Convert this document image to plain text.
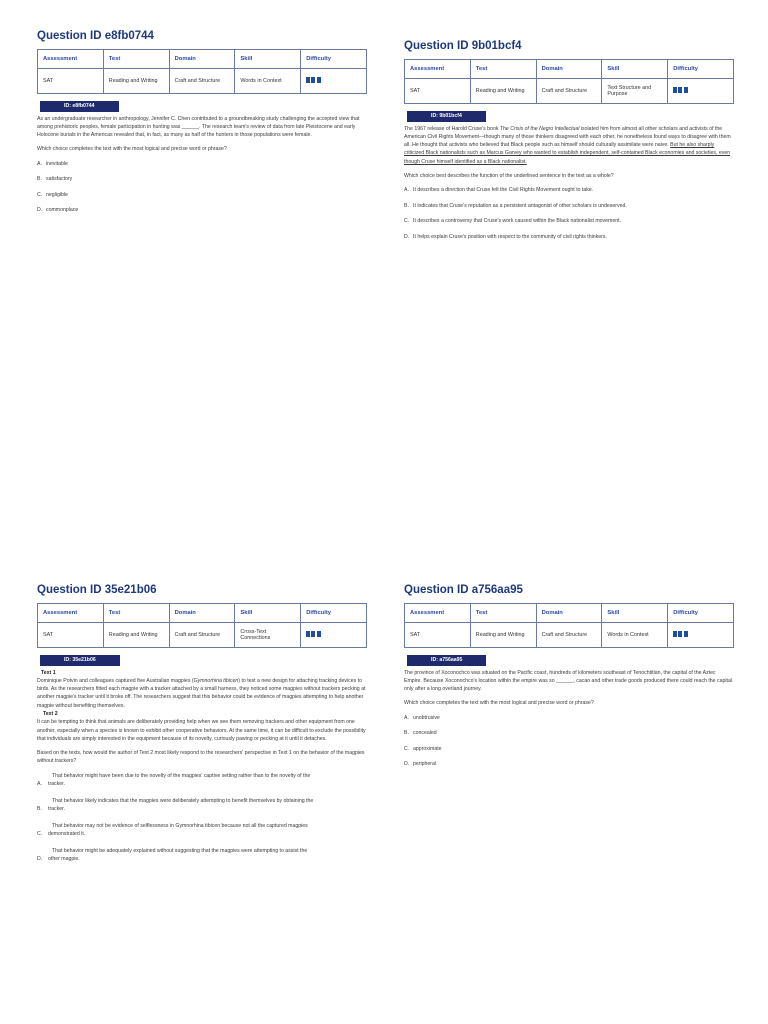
Question ID e8fb0744
Assessment	Test	Domain	Skill	Difficulty
SAT	Reading and Writing	Craft and Structure	Words in Context	
ID: e8fb0744

As an undergraduate researcher in anthropology, Jennifer C. Chen contributed to a groundbreaking study challenging the accepted view that among prehistoric peoples, female participation in hunting was ______. The research team's review of data from late Pleistocene and early Holocene burials in the Americas revealed that, in fact, as many as half of the hunters in those populations were female.

Which choice completes the text with the most logical and precise word or phrase?

A. inevitable
B. satisfactory
C. negligible
D. commonplace
Question ID 9b01bcf4
Assessment	Test	Domain	Skill	Difficulty
SAT	Reading and Writing	Craft and Structure	Text Structure and Purpose	
ID: 9b01bcf4

The 1967 release of Harold Cruse's book The Crisis of the Negro Intellectual isolated him from almost all other scholars and activists of the American Civil Rights Movement—though many of those thinkers disagreed with each other, he nonetheless found ways to disagree with them all. He thought that activists who believed that Black people such as himself should culturally assimilate were naive. But he also sharply criticized Black nationalists such as Marcus Garvey who wanted to establish independent, self-contained Black economies and societies, even though Cruse himself identified as a Black nationalist.

Which choice best describes the function of the underlined sentence in the text as a whole?

A. It describes a direction that Cruse felt the Civil Rights Movement ought to take.
B. It indicates that Cruse's reputation as a persistent antagonist of other scholars is undeserved.
C. It describes a controversy that Cruse's work caused within the Black nationalist movement.
D. It helps explain Cruse's position with respect to the community of civil rights thinkers.
Question ID 35e21b06
Assessment	Test	Domain	Skill	Difficulty
SAT	Reading and Writing	Craft and Structure	Cross-Text Connections	
ID: 35e21b06

Text 1

Dominique Potvin and colleagues captured five Australian magpies (Gymnorhina tibicen) to test a new design for attaching tracking devices to birds. As the researchers fitted each magpie with a tracker attached by a small harness, they noticed some magpies without trackers pecking at another magpie's tracker until it broke off. The researchers suggest that this behavior could be evidence of magpies attempting to help another magpie without benefiting themselves.

Text 2

It can be tempting to think that animals are deliberately providing help when we see them removing trackers and other equipment from one another, especially when a species is known to exhibit other cooperative behaviors. At the same time, it can be difficult to exclude the possibility that individuals are simply interested in the equipment because of its novelty, curiously pawing or pecking at it until it detaches.

Based on the texts, how would the author of Text 2 most likely respond to the researchers' perspective in Text 1 on the behavior of the magpies without trackers?

A.
That behavior might have been due to the novelty of the magpies' captive setting rather than to the novelty of the
tracker.
B.
That behavior likely indicates that the magpies were deliberately attempting to benefit themselves by obtaining the
tracker.
C.
That behavior may not be evidence of selflessness in Gymnorhina tibicen because not all the captured magpies
demonstrated it.
D.
That behavior might be adequately explained without suggesting that the magpies were attempting to assist the
other magpie.
Question ID a756aa95
Assessment	Test	Domain	Skill	Difficulty
SAT	Reading and Writing	Craft and Structure	Words in Context	
ID: a756aa95

The province of Xoconochco was situated on the Pacific coast, hundreds of kilometers southeast of Tenochtitlan, the capital of the Aztec Empire. Because Xoconochco's location within the empire was so ______, cacao and other trade goods produced there could reach the capital only after a long overland journey.

Which choice completes the text with the most logical and precise word or phrase?

A. unobtrusive
B. concealed
C. approximate
D. peripheral
